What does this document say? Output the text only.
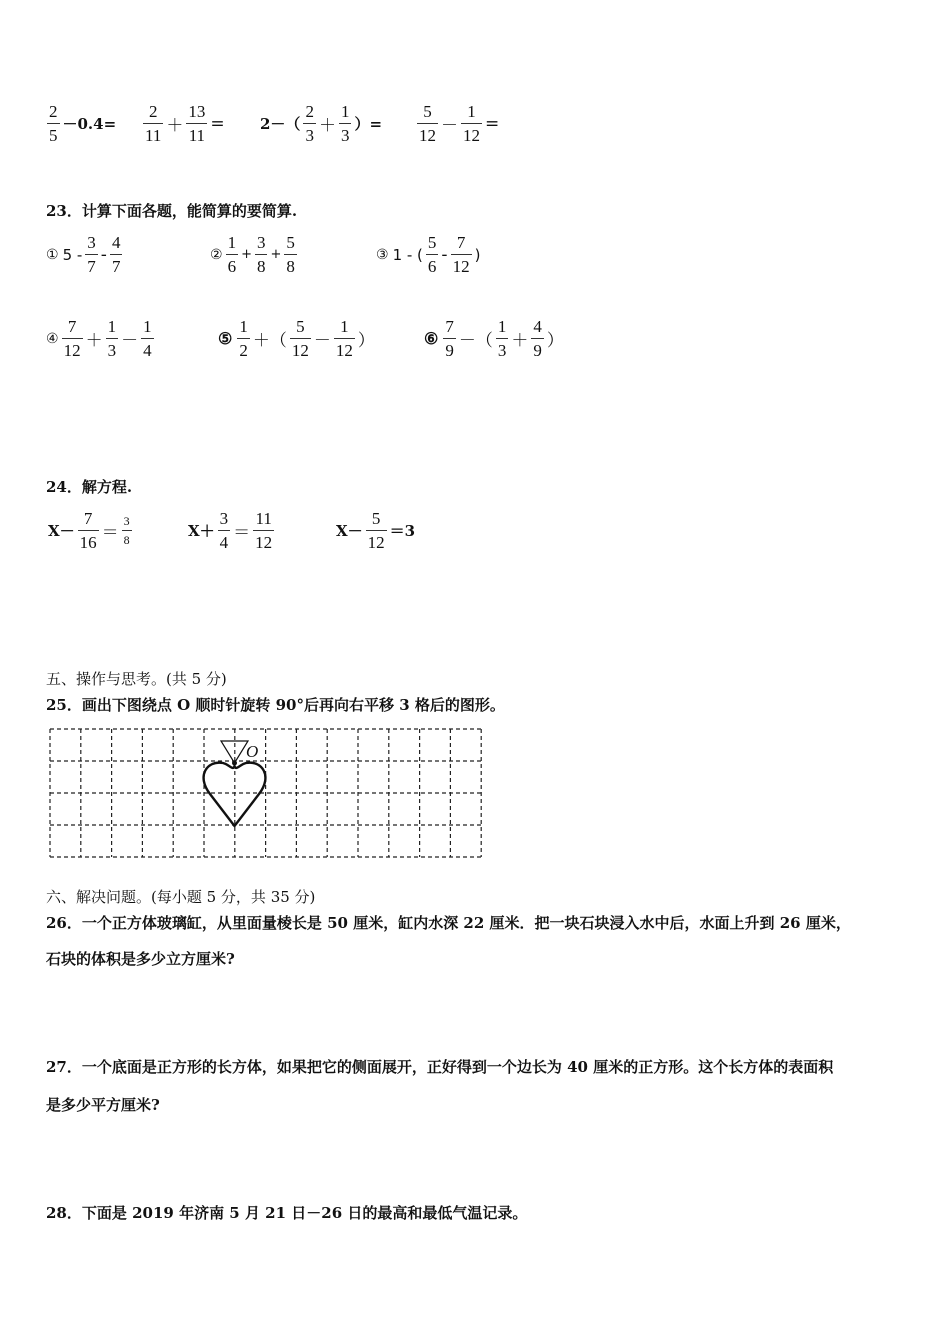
$\frac{2}{5} -0.4= \frac{2}{11} + \frac{13}{11} = 2-( \frac{2}{3} + \frac{1}{3}$ ）= $\frac{5}{12} - \frac{1}{12}$ =
23．计算下面各题，能简算的要简算.
① $5 - \frac{3}{7} - \frac{4}{7}$	② $\frac{1}{6} + \frac{3}{8} + \frac{5}{8}$	③ 1 - ( $\frac{5}{6} - \frac{7}{12}$ )
④ $\frac{7}{12} + \frac{1}{3} - \frac{1}{4}$	⑤ $\frac{1}{2}$ ＋（ $\frac{5}{12} - \frac{1}{12}$ ）	⑥ $\frac{7}{9}$ －（ $\frac{1}{3} + \frac{4}{9}$ ）
24．解方程.
$X- \frac{7}{16} = \frac{3}{8}$	$X+ \frac{3}{4} = \frac{11}{12}$	$X- \frac{5}{12} =3$
五、操作与思考。(共 5 分)
25．画出下图绕点 O 顺时针旋转 90°后再向右平移 3 格后的图形。
O
六、解决问题。(每小题 5 分，共 35 分)
26．一个正方体玻璃缸，从里面量棱长是 50 厘米，缸内水深 22 厘米．把一块石块浸入水中后，水面上升到 26 厘米，
石块的体积是多少立方厘米?
27．一个底面是正方形的长方体，如果把它的侧面展开，正好得到一个边长为 40 厘米的正方形。这个长方体的表面积
是多少平方厘米?
28．下面是 2019 年济南 5 月 21 日－26 日的最高和最低气温记录。
